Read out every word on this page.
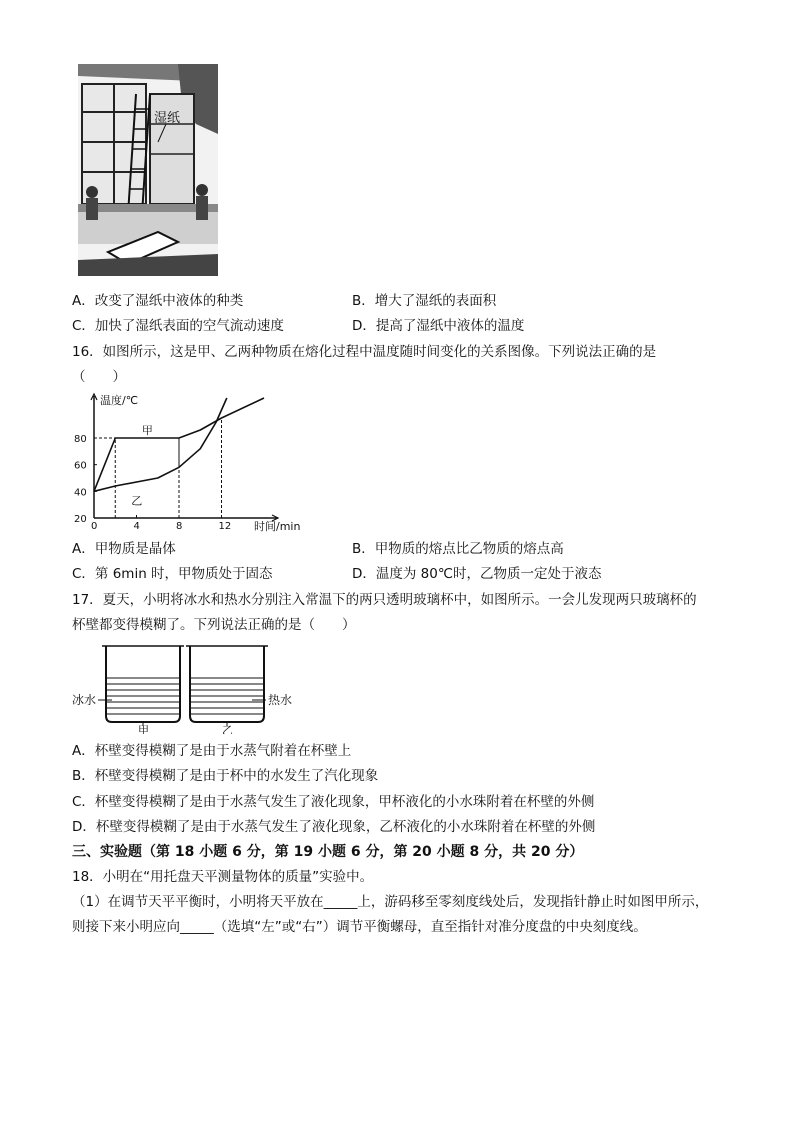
湿纸
A．改变了湿纸中液体的种类	B．增大了湿纸的表面积
C．加快了湿纸表面的空气流动速度	D．提高了湿纸中液体的温度
16．如图所示，这是甲、乙两种物质在熔化过程中温度随时间变化的关系图像。下列说法正确的是
（　　）
0	4	8	12
20
40
60
80
甲
乙
温度/℃
时间/min
A．甲物质是晶体	B．甲物质的熔点比乙物质的熔点高
C．第 6min 时，甲物质处于固态	D．温度为 80℃时，乙物质一定处于液态
17．夏天，小明将冰水和热水分别注入常温下的两只透明玻璃杯中，如图所示。一会儿发现两只玻璃杯的
杯壁都变得模糊了。下列说法正确的是（　　）
冰水	热水
甲	乙
A．杯壁变得模糊了是由于水蒸气附着在杯壁上
B．杯壁变得模糊了是由于杯中的水发生了汽化现象
C．杯壁变得模糊了是由于水蒸气发生了液化现象，甲杯液化的小水珠附着在杯壁的外侧
D．杯壁变得模糊了是由于水蒸气发生了液化现象，乙杯液化的小水珠附着在杯壁的外侧
三、实验题（第 18 小题 6 分，第 19 小题 6 分，第 20 小题 8 分，共 20 分）
18．小明在“用托盘天平测量物体的质量”实验中。
（1）在调节天平平衡时，小明将天平放在_____上，游码移至零刻度线处后，发现指针静止时如图甲所示，
则接下来小明应向_____（选填“左”或“右”）调节平衡螺母，直至指针对准分度盘的中央刻度线。
